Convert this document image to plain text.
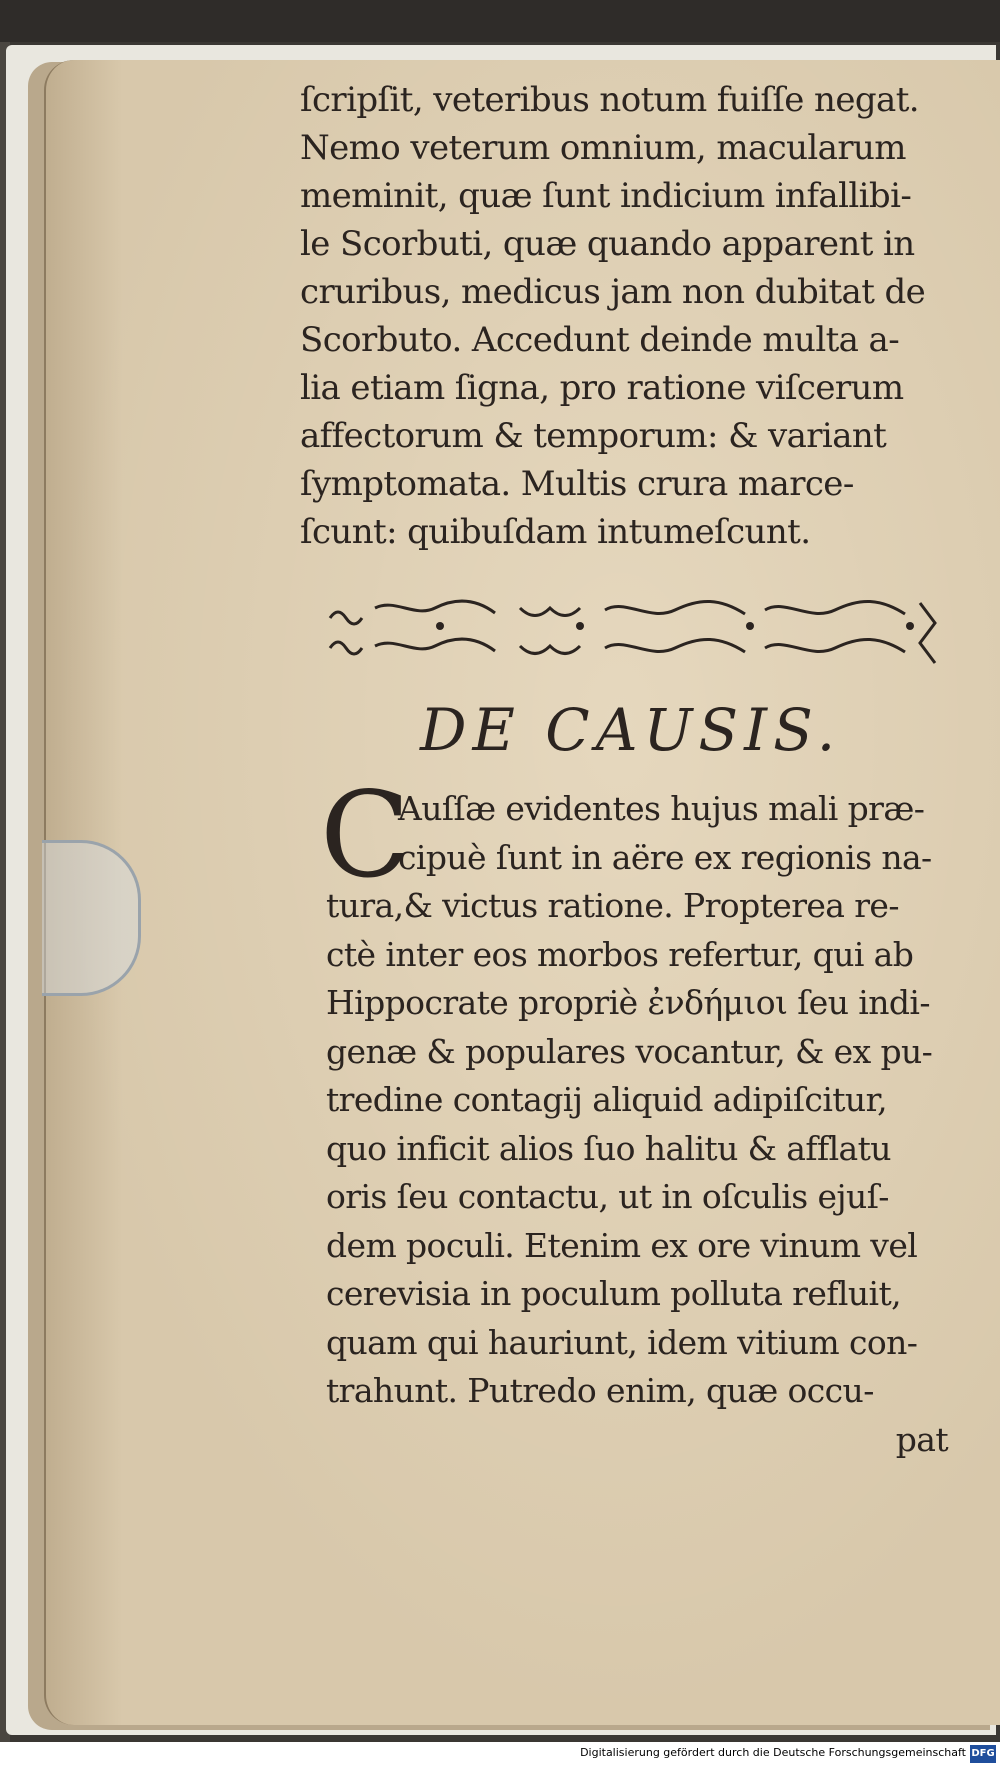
ſcripſit, veteribus notum fuiſſe negat.
Nemo veterum omnium, macularum
meminit, quæ ſunt indicium infallibi-
le Scorbuti, quæ quando apparent in
cruribus, medicus jam non dubitat de
Scorbuto. Accedunt deinde multa a-
lia etiam ſigna, pro ratione viſcerum
affectorum & temporum: & variant
ſymptomata. Multis crura marce-
ſcunt: quibuſdam intumeſcunt.
DE CAUSIS.
C
Auſſæ evidentes hujus mali præ-
cipuè ſunt in aëre ex regionis na-
tura,& victus ratione. Propterea re-
ctè inter eos morbos refertur, qui ab
Hippocrate propriè ἐνδήμιοι ſeu indi-
genæ & populares vocantur, & ex pu-
tredine contagij aliquid adipiſcitur,
quo inficit alios ſuo halitu & afflatu
oris ſeu contactu, ut in oſculis ejuſ-
dem poculi. Etenim ex ore vinum vel
cerevisia in poculum polluta refluit,
quam qui hauriunt, idem vitium con-
trahunt. Putredo enim, quæ occu-
pat
Digitalisierung gefördert durch die Deutsche Forschungsgemeinschaft DFG
